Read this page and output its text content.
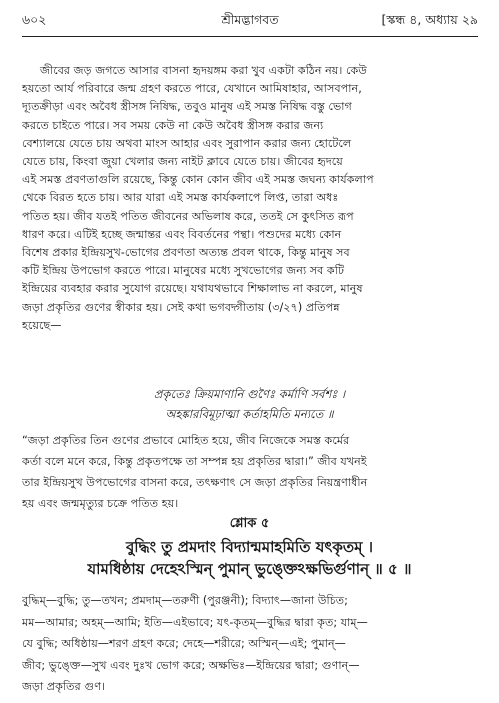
৬০২	শ্রীমদ্ভাগবত	[স্কন্ধ ৪, অধ্যায় ২৯
জীবের জড় জগতে আসার বাসনা হৃদয়ঙ্গম করা খুব একটা কঠিন নয়। কেউ
হয়তো আর্য পরিবারে জন্ম গ্রহণ করতে পারে, যেখানে আমিষাহার, আসবপান,
দ্যূতক্রীড়া এবং অবৈধ স্ত্রীসঙ্গ নিষিদ্ধ, তবুও মানুষ এই সমস্ত নিষিদ্ধ বস্তু ভোগ
করতে চাইতে পারে। সব সময় কেউ না কেউ অবৈধ স্ত্রীসঙ্গ করার জন্য
বেশ্যালয়ে যেতে চায় অথবা মাংস আহার এবং সুরাপান করার জন্য হোটেলে
যেতে চায়, কিংবা জুয়া খেলার জন্য নাইট ক্লাবে যেতে চায়। জীবের হৃদয়ে
এই সমস্ত প্রবণতাগুলি রয়েছে, কিন্তু কোন কোন জীব এই সমস্ত জঘন্য কার্যকলাপ
থেকে বিরত হতে চায়। আর যারা এই সমস্ত কার্যকলাপে লিপ্ত, তারা অধঃ
পতিত হয়। জীব যতই পতিত জীবনের অভিলাষ করে, ততই সে কুৎসিত রূপ
ধারণ করে। এটিই হচ্ছে জন্মান্তর এবং বিবর্তনের পন্থা। পশুদের মধ্যে কোন
বিশেষ প্রকার ইন্দ্রিয়সুখ-ভোগের প্রবণতা অত্যন্ত প্রবল থাকে, কিন্তু মানুষ সব
কটি ইন্দ্রিয় উপভোগ করতে পারে। মানুষের মধ্যে সুখভোগের জন্য সব কটি
ইন্দ্রিয়ের ব্যবহার করার সুযোগ রয়েছে। যথাযথভাবে শিক্ষালাভ না করলে, মানুষ
জড়া প্রকৃতির গুণের স্বীকার হয়। সেই কথা ভগবদ্গীতায় (৩/২৭) প্রতিপন্ন
হয়েছে—
প্রকৃতেঃ ক্রিয়মাণানি গুণৈঃ কর্মাণি সর্বশঃ ।
অহঙ্কারবিমূঢ়াত্মা কর্তাহমিতি মন্যতে ॥
“জড়া প্রকৃতির তিন গুণের প্রভাবে মোহিত হয়ে, জীব নিজেকে সমস্ত কর্মের
কর্তা বলে মনে করে, কিন্তু প্রকৃতপক্ষে তা সম্পন্ন হয় প্রকৃতির দ্বারা।” জীব যখনই
তার ইন্দ্রিয়সুখ উপভোগের বাসনা করে, তৎক্ষণাৎ সে জড়া প্রকৃতির নিয়ন্ত্রণাধীন
হয় এবং জন্মমৃত্যুর চক্রে পতিত হয়।
শ্লোক ৫
বুদ্ধিং তু প্রমদাং বিদ্যান্মমাহমিতি যৎকৃতম্ ।
যামধিষ্ঠায় দেহেঽস্মিন্ পুমান্ ভুঙ্ক্তেঽক্ষভির্গুণান্ ॥ ৫ ॥
বুদ্ধিম্—বুদ্ধি; তু—তখন; প্রমদাম্—তরুণী (পুরঞ্জনী); বিদ্যাৎ—জানা উচিত;
মম—আমার; অহম্—আমি; ইতি—এইভাবে; যৎ-কৃতম্—বুদ্ধির দ্বারা কৃত; যাম্—
যে বুদ্ধি; অধিষ্ঠায়—শরণ গ্রহণ করে; দেহে—শরীরে; অস্মিন্—এই; পুমান্—
জীব; ভুঙ্ক্তে—সুখ এবং দুঃখ ভোগ করে; অক্ষভিঃ—ইন্দ্রিয়ের দ্বারা; গুণান্—
জড়া প্রকৃতির গুণ।
